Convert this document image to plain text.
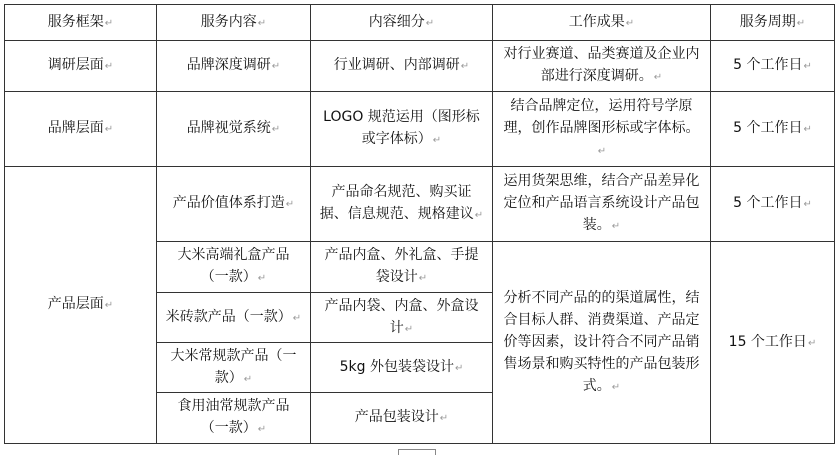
服务框架↵	服务内容↵	内容细分↵	工作成果↵	服务周期↵
调研层面↵	品牌深度调研↵	行业调研、内部调研↵	对行业赛道、品类赛道及企业内部进行深度调研。↵	5 个工作日↵
品牌层面↵	品牌视觉系统↵	LOGO 规范运用（图形标或字体标）↵	结合品牌定位，运用符号学原理，创作品牌图形标或字体标。↵	5 个工作日↵
产品层面↵	产品价值体系打造↵	产品命名规范、购买证据、信息规范、规格建议↵	运用货架思维，结合产品差异化定位和产品语言系统设计产品包装。↵	5 个工作日↵
	大米高端礼盒产品（一款）↵	产品内盒、外礼盒、手提袋设计↵	分析不同产品的的渠道属性，结合目标人群、消费渠道、产品定价等因素，设计符合不同产品销售场景和购买特性的产品包装形式。↵	15 个工作日↵
	米砖款产品（一款）↵	产品内袋、内盒、外盒设计↵		
	大米常规款产品（一款）↵	5kg 外包装袋设计↵		
	食用油常规款产品（一款）↵	产品包装设计↵		
